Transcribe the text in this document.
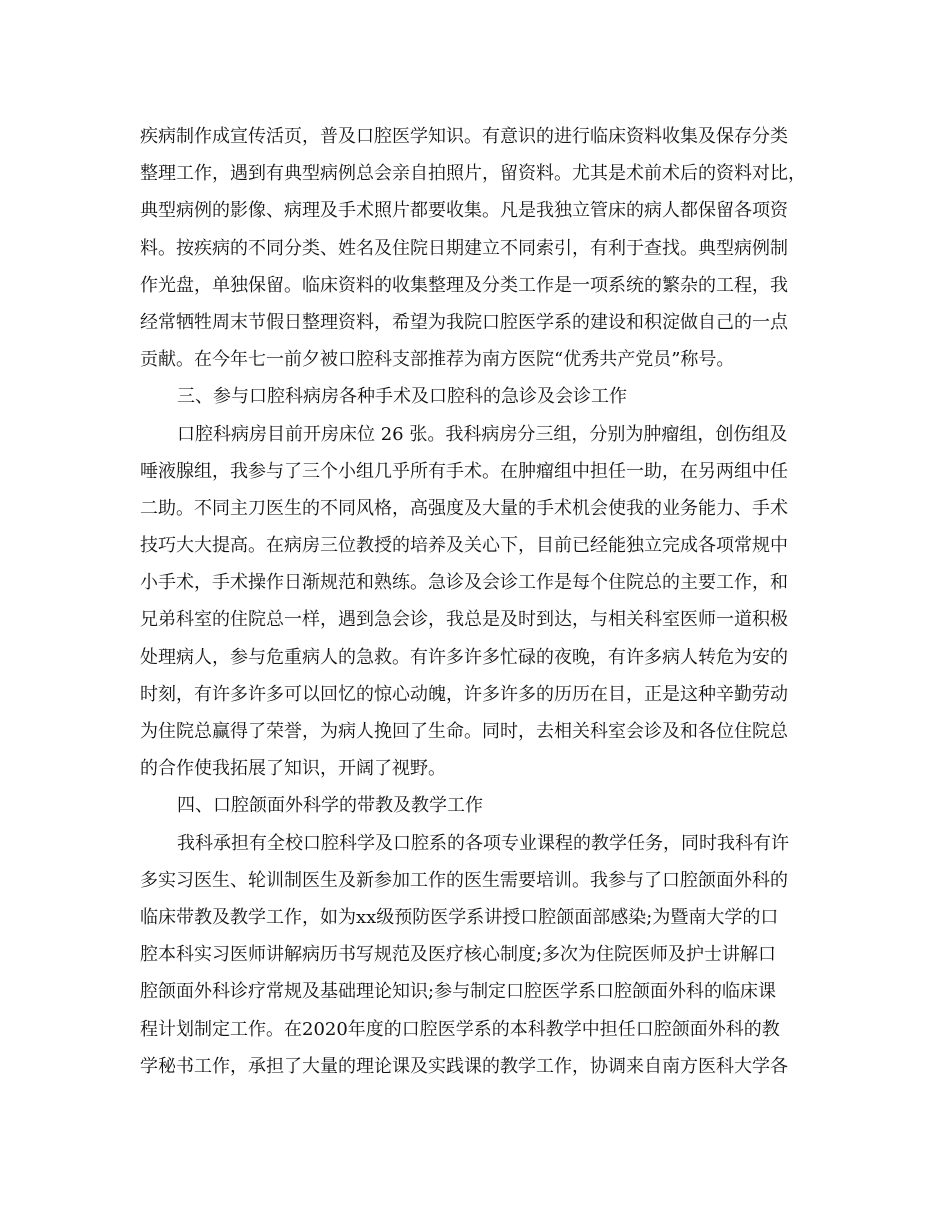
疾病制作成宣传活页，普及口腔医学知识。有意识的进行临床资料收集及保存分类
整理工作，遇到有典型病例总会亲自拍照片，留资料。尤其是术前术后的资料对比，
典型病例的影像、病理及手术照片都要收集。凡是我独立管床的病人都保留各项资
料。按疾病的不同分类、姓名及住院日期建立不同索引，有利于查找。典型病例制
作光盘，单独保留。临床资料的收集整理及分类工作是一项系统的繁杂的工程，我
经常牺牲周末节假日整理资料，希望为我院口腔医学系的建设和积淀做自己的一点
贡献。在今年七一前夕被口腔科支部推荐为南方医院“优秀共产党员”称号。
三、参与口腔科病房各种手术及口腔科的急诊及会诊工作
口腔科病房目前开房床位 26 张。我科病房分三组，分别为肿瘤组，创伤组及
唾液腺组，我参与了三个小组几乎所有手术。在肿瘤组中担任一助，在另两组中任
二助。不同主刀医生的不同风格，高强度及大量的手术机会使我的业务能力、手术
技巧大大提高。在病房三位教授的培养及关心下，目前已经能独立完成各项常规中
小手术，手术操作日渐规范和熟练。急诊及会诊工作是每个住院总的主要工作，和
兄弟科室的住院总一样，遇到急会诊，我总是及时到达，与相关科室医师一道积极
处理病人，参与危重病人的急救。有许多许多忙碌的夜晚，有许多病人转危为安的
时刻，有许多许多可以回忆的惊心动魄，许多许多的历历在目，正是这种辛勤劳动
为住院总赢得了荣誉，为病人挽回了生命。同时，去相关科室会诊及和各位住院总
的合作使我拓展了知识，开阔了视野。
四、口腔颌面外科学的带教及教学工作
我科承担有全校口腔科学及口腔系的各项专业课程的教学任务，同时我科有许
多实习医生、轮训制医生及新参加工作的医生需要培训。我参与了口腔颌面外科的
临床带教及教学工作，如为xx级预防医学系讲授口腔颌面部感染;为暨南大学的口
腔本科实习医师讲解病历书写规范及医疗核心制度;多次为住院医师及护士讲解口
腔颌面外科诊疗常规及基础理论知识;参与制定口腔医学系口腔颌面外科的临床课
程计划制定工作。在2020年度的口腔医学系的本科教学中担任口腔颌面外科的教
学秘书工作，承担了大量的理论课及实践课的教学工作，协调来自南方医科大学各
